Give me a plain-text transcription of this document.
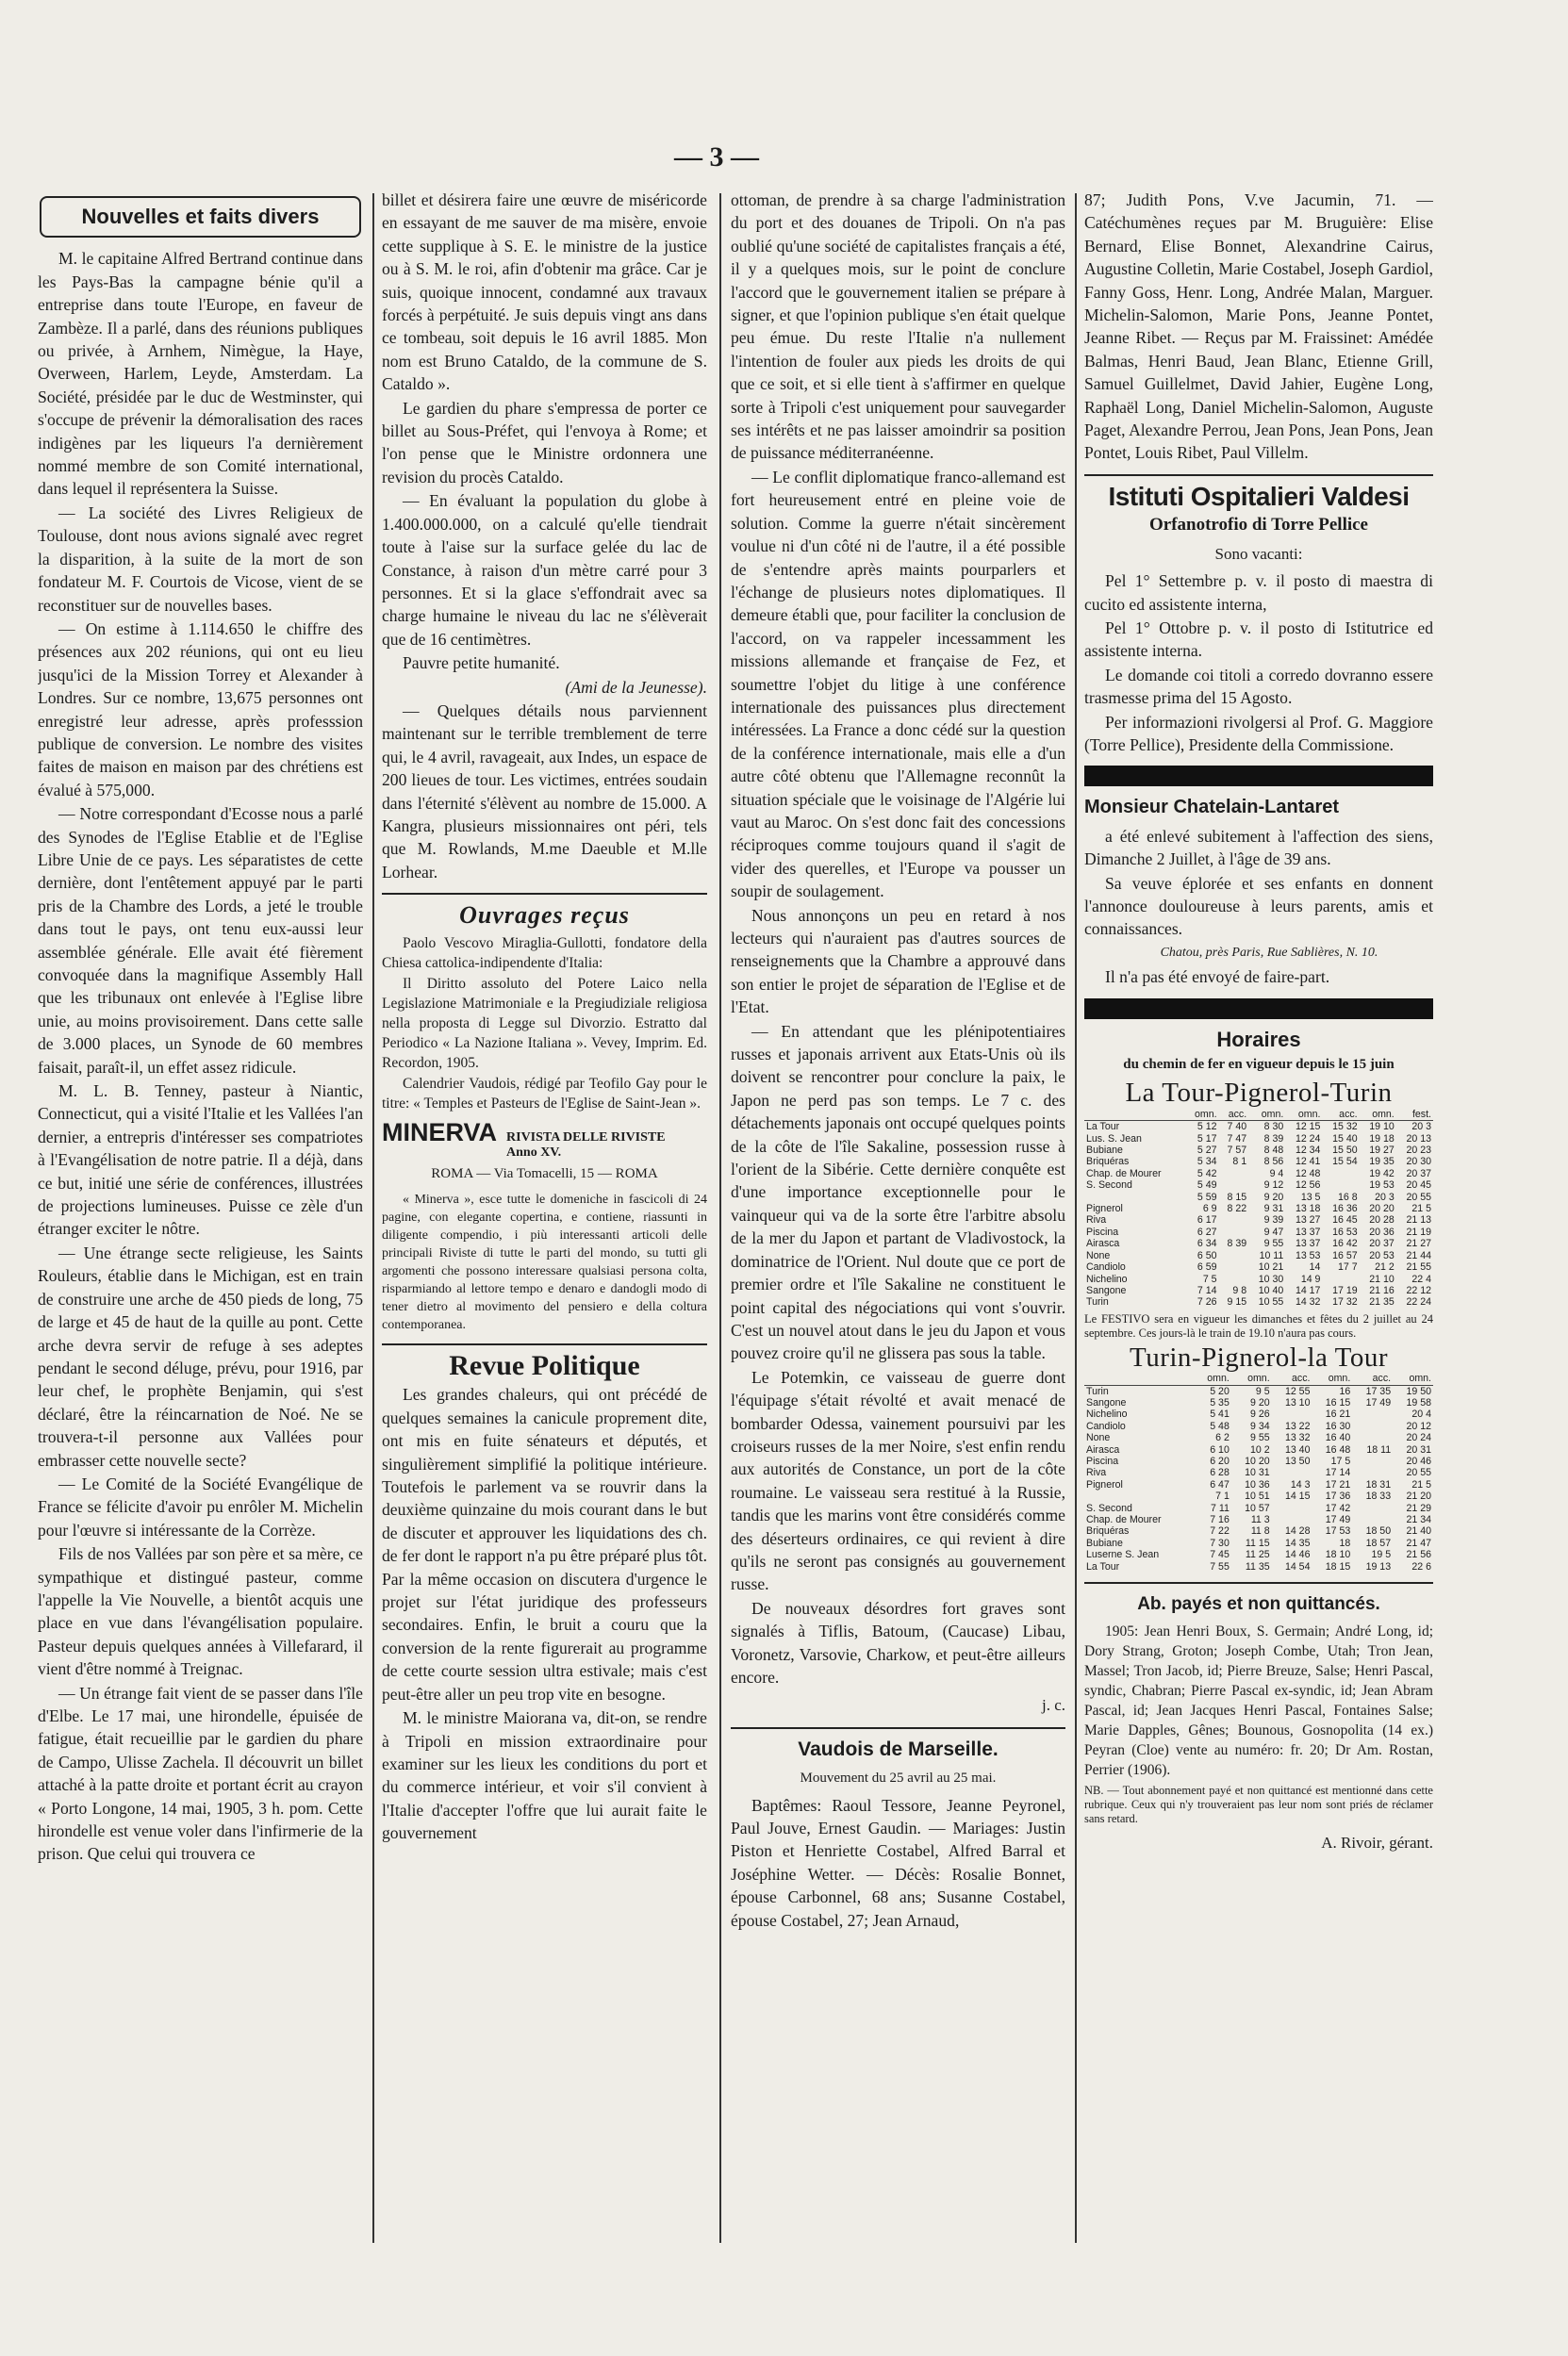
— 3 —
Nouvelles et faits divers

M. le capitaine Alfred Bertrand continue dans les Pays-Bas la campagne bénie qu'il a entreprise dans toute l'Europe, en faveur de Zambèze. Il a parlé, dans des réunions publiques ou privée, à Arnhem, Nimègue, la Haye, Overween, Harlem, Leyde, Amsterdam. La Société, présidée par le duc de Westminster, qui s'occupe de prévenir la démoralisation des races indigènes par les liqueurs l'a dernièrement nommé membre de son Comité international, dans lequel il représentera la Suisse.

— La société des Livres Religieux de Toulouse, dont nous avions signalé avec regret la disparition, à la suite de la mort de son fondateur M. F. Courtois de Vicose, vient de se reconstituer sur de nouvelles bases.

— On estime à 1.114.650 le chiffre des présences aux 202 réunions, qui ont eu lieu jusqu'ici de la Mission Torrey et Alexander à Londres. Sur ce nombre, 13,675 personnes ont enregistré leur adresse, après professsion publique de conversion. Le nombre des visites faites de maison en maison par des chrétiens est évalué à 575,000.

— Notre correspondant d'Ecosse nous a parlé des Synodes de l'Eglise Etablie et de l'Eglise Libre Unie de ce pays. Les séparatistes de cette dernière, dont l'entêtement appuyé par le parti pris de la Chambre des Lords, a jeté le trouble dans tout le pays, ont tenu eux-aussi leur assemblée générale. Elle avait été fièrement convoquée dans la magnifique Assembly Hall que les tribunaux ont enlevée à l'Eglise libre unie, au moins provisoirement. Dans cette salle de 3.000 places, un Synode de 60 membres faisait, paraît-il, un effet assez ridicule.

M. L. B. Tenney, pasteur à Niantic, Connecticut, qui a visité l'Italie et les Vallées l'an dernier, a entrepris d'intéresser ses compatriotes à l'Evangélisation de notre patrie. Il a déjà, dans ce but, initié une série de conférences, illustrées de projections lumineuses. Puisse ce zèle d'un étranger exciter le nôtre.

— Une étrange secte religieuse, les Saints Rouleurs, établie dans le Michigan, est en train de construire une arche de 450 pieds de long, 75 de large et 45 de haut de la quille au pont. Cette arche devra servir de refuge à ses adeptes pendant le second déluge, prévu, pour 1916, par leur chef, le prophète Benjamin, qui s'est déclaré, être la réincarnation de Noé. Ne se trouvera-t-il personne aux Vallées pour embrasser cette nouvelle secte?

— Le Comité de la Société Evangélique de France se félicite d'avoir pu enrôler M. Michelin pour l'œuvre si intéressante de la Corrèze.

Fils de nos Vallées par son père et sa mère, ce sympathique et distingué pasteur, comme l'appelle la Vie Nouvelle, a bientôt acquis une place en vue dans l'évangélisation populaire. Pasteur depuis quelques années à Villefarard, il vient d'être nommé à Treignac.

— Un étrange fait vient de se passer dans l'île d'Elbe. Le 17 mai, une hirondelle, épuisée de fatigue, était recueillie par le gardien du phare de Campo, Ulisse Zachela. Il découvrit un billet attaché à la patte droite et portant écrit au crayon « Porto Longone, 14 mai, 1905, 3 h. pom. Cette hirondelle est venue voler dans l'infirmerie de la prison. Que celui qui trouvera ce

billet et désirera faire une œuvre de miséricorde en essayant de me sauver de ma misère, envoie cette supplique à S. E. le ministre de la justice ou à S. M. le roi, afin d'obtenir ma grâce. Car je suis, quoique innocent, condamné aux travaux forcés à perpétuité. Je suis depuis vingt ans dans ce tombeau, soit depuis le 16 avril 1885. Mon nom est Bruno Cataldo, de la commune de S. Cataldo ».

Le gardien du phare s'empressa de porter ce billet au Sous-Préfet, qui l'envoya à Rome; et l'on pense que le Ministre ordonnera une revision du procès Cataldo.

— En évaluant la population du globe à 1.400.000.000, on a calculé qu'elle tiendrait toute à l'aise sur la surface gelée du lac de Constance, à raison d'un mètre carré pour 3 personnes. Et si la glace s'effondrait avec sa charge humaine le niveau du lac ne s'élèverait que de 16 centimètres.

Pauvre petite humanité.

(Ami de la Jeunesse).

— Quelques détails nous parviennent maintenant sur le terrible tremblement de terre qui, le 4 avril, ravageait, aux Indes, un espace de 200 lieues de tour. Les victimes, entrées soudain dans l'éternité s'élèvent au nombre de 15.000. A Kangra, plusieurs missionnaires ont péri, tels que M. Rowlands, M.me Daeuble et M.lle Lorhear.

Ouvrages reçus

Paolo Vescovo Miraglia-Gullotti, fondatore della Chiesa cattolica-indipendente d'Italia:

Il Diritto assoluto del Potere Laico nella Legislazione Matrimoniale e la Pregiudiziale religiosa nella proposta di Legge sul Divorzio. Estratto dal Periodico « La Nazione Italiana ». Vevey, Imprim. Ed. Recordon, 1905.

Calendrier Vaudois, rédigé par Teofilo Gay pour le titre: « Temples et Pasteurs de l'Eglise de Saint-Jean ».

MINERVA RIVISTA DELLE RIVISTE
Anno XV.
ROMA — Via Tomacelli, 15 — ROMA

« Minerva », esce tutte le domeniche in fascicoli di 24 pagine, con elegante copertina, e contiene, riassunti in diligente compendio, i più interessanti articoli delle principali Riviste di tutte le parti del mondo, su tutti gli argomenti che possono interessare qualsiasi persona colta, risparmiando al lettore tempo e denaro e dandogli modo di tener dietro al movimento del pensiero e della coltura contemporanea.

Revue Politique

Les grandes chaleurs, qui ont précédé de quelques semaines la canicule proprement dite, ont mis en fuite sénateurs et députés, et singulièrement simplifié la politique intérieure. Toutefois le parlement va se rouvrir dans la deuxième quinzaine du mois courant dans le but de discuter et approuver les liquidations des ch. de fer dont le rapport n'a pu être préparé plus tôt. Par la même occasion on discutera d'urgence le projet sur l'état juridique des professeurs secondaires. Enfin, le bruit a couru que la conversion de la rente figurerait au programme de cette courte session ultra estivale; mais c'est peut-être aller un peu trop vite en besogne.

M. le ministre Maiorana va, dit-on, se rendre à Tripoli en mission extraordinaire pour examiner sur les lieux les conditions du port et du commerce intérieur, et voir s'il convient à l'Italie d'accepter l'offre que lui aurait faite le gouvernement

ottoman, de prendre à sa charge l'administration du port et des douanes de Tripoli. On n'a pas oublié qu'une société de capitalistes français a été, il y a quelques mois, sur le point de conclure l'accord que le gouvernement italien se prépare à signer, et que l'opinion publique s'en était quelque peu émue. Du reste l'Italie n'a nullement l'intention de fouler aux pieds les droits de qui que ce soit, et si elle tient à s'affirmer en quelque sorte à Tripoli c'est uniquement pour sauvegarder ses intérêts et ne pas laisser amoindrir sa position de puissance méditerranéenne.

— Le conflit diplomatique franco-allemand est fort heureusement entré en pleine voie de solution. Comme la guerre n'était sincèrement voulue ni d'un côté ni de l'autre, il a été possible de s'entendre après maints pourparlers et l'échange de plusieurs notes diplomatiques. Il demeure établi que, pour faciliter la conclusion de l'accord, on va rappeler incessamment les missions allemande et française de Fez, et soumettre l'objet du litige à une conférence internationale des puissances plus directement intéressées. La France a donc cédé sur la question de la conférence internationale, mais elle a d'un autre côté obtenu que l'Allemagne reconnût la situation spéciale que le voisinage de l'Algérie lui vaut au Maroc. On s'est donc fait des concessions réciproques comme toujours quand il s'agit de vider des querelles, et l'Europe va pousser un soupir de soulagement.

Nous annonçons un peu en retard à nos lecteurs qui n'auraient pas d'autres sources de renseignements que la Chambre a approuvé dans son entier le projet de séparation de l'Eglise et de l'Etat.

— En attendant que les plénipotentiaires russes et japonais arrivent aux Etats-Unis où ils doivent se rencontrer pour conclure la paix, le Japon ne perd pas son temps. Le 7 c. des détachements japonais ont occupé quelques points de la côte de l'île Sakaline, possession russe à l'orient de la Sibérie. Cette dernière conquête est d'une importance exceptionnelle pour le vainqueur qui va de la sorte être l'arbitre absolu de la mer du Japon et partant de Vladivostock, la dominatrice de l'Orient. Nul doute que ce port de premier ordre et l'île Sakaline ne constituent le point capital des négociations qui vont s'ouvrir. C'est un nouvel atout dans le jeu du Japon et vous pouvez croire qu'il ne glissera pas sous la table.

Le Potemkin, ce vaisseau de guerre dont l'équipage s'était révolté et avait menacé de bombarder Odessa, vainement poursuivi par les croiseurs russes de la mer Noire, s'est enfin rendu aux autorités de Constance, un port de la côte roumaine. Le vaisseau sera restitué à la Russie, tandis que les marins vont être considérés comme des déserteurs ordinaires, ce qui revient à dire qu'ils ne seront pas consignés au gouvernement russe.

De nouveaux désordres fort graves sont signalés à Tiflis, Batoum, (Caucase) Libau, Voronetz, Varsovie, Charkow, et peut-être ailleurs encore.

j. c.
Vaudois de Marseille.
Mouvement du 25 avril au 25 mai.

Baptêmes: Raoul Tessore, Jeanne Peyronel, Paul Jouve, Ernest Gaudin. — Mariages: Justin Piston et Henriette Costabel, Alfred Barral et Joséphine Wetter. — Décès: Rosalie Bonnet, épouse Carbonnel, 68 ans; Susanne Costabel, épouse Costabel, 27; Jean Arnaud,

87; Judith Pons, V.ve Jacumin, 71. — Catéchumènes reçues par M. Bruguière: Elise Bernard, Elise Bonnet, Alexandrine Cairus, Augustine Colletin, Marie Costabel, Joseph Gardiol, Fanny Goss, Henr. Long, Andrée Malan, Marguer. Michelin-Salomon, Marie Pons, Jeanne Pontet, Jeanne Ribet. — Reçus par M. Fraissinet: Amédée Balmas, Henri Baud, Jean Blanc, Etienne Grill, Samuel Guillelmet, David Jahier, Eugène Long, Raphaël Long, Daniel Michelin-Salomon, Auguste Paget, Alexandre Perrou, Jean Pons, Jean Pons, Jean Pontet, Louis Ribet, Paul Villelm.

Istituti Ospitalieri Valdesi
Orfanotrofio di Torre Pellice
Sono vacanti:

Pel 1° Settembre p. v. il posto di maestra di cucito ed assistente interna,

Pel 1° Ottobre p. v. il posto di Istitutrice ed assistente interna.

Le domande coi titoli a corredo dovranno essere trasmesse prima del 15 Agosto.

Per informazioni rivolgersi al Prof. G. Maggiore (Torre Pellice), Presidente della Commissione.

Monsieur Chatelain-Lantaret

a été enlevé subitement à l'affection des siens, Dimanche 2 Juillet, à l'âge de 39 ans.

Sa veuve éplorée et ses enfants en donnent l'annonce douloureuse à leurs parents, amis et connaissances.

Chatou, près Paris, Rue Sablières, N. 10.

Il n'a pas été envoyé de faire-part.

Horaires
du chemin de fer en vigueur depuis le 15 juin
La Tour-Pignerol-Turin
	omn.	acc.	omn.	omn.	acc.	omn.	fest.
La Tour	5 12	7 40	8 30	12 15	15 32	19 10	20 3
Lus. S. Jean	5 17	7 47	8 39	12 24	15 40	19 18	20 13
Bubiane	5 27	7 57	8 48	12 34	15 50	19 27	20 23
Briquéras	5 34	8 1	8 56	12 41	15 54	19 35	20 30
Chap. de Mourer	5 42		9 4	12 48		19 42	20 37
S. Second	5 49		9 12	12 56		19 53	20 45
	5 59	8 15	9 20	13 5	16 8	20 3	20 55
Pignerol	6 9	8 22	9 31	13 18	16 36	20 20	21 5
Riva	6 17		9 39	13 27	16 45	20 28	21 13
Piscina	6 27		9 47	13 37	16 53	20 36	21 19
Airasca	6 34	8 39	9 55	13 37	16 42	20 37	21 27
None	6 50		10 11	13 53	16 57	20 53	21 44
Candiolo	6 59		10 21	14	17 7	21 2	21 55
Nichelino	7 5		10 30	14 9		21 10	22 4
Sangone	7 14	9 8	10 40	14 17	17 19	21 16	22 12
Turin	7 26	9 15	10 55	14 32	17 32	21 35	22 24
Le FESTIVO sera en vigueur les dimanches et fêtes du 2 juillet au 24 septembre. Ces jours-là le train de 19.10 n'aura pas cours.
Turin-Pignerol-la Tour
	omn.	omn.	acc.	omn.	acc.	omn.
Turin	5 20	9 5	12 55	16	17 35	19 50
Sangone	5 35	9 20	13 10	16 15	17 49	19 58
Nichelino	5 41	9 26		16 21		20 4
Candiolo	5 48	9 34	13 22	16 30		20 12
None	6 2	9 55	13 32	16 40		20 24
Airasca	6 10	10 2	13 40	16 48	18 11	20 31
Piscina	6 20	10 20	13 50	17 5		20 46
Riva	6 28	10 31		17 14		20 55
Pignerol	6 47	10 36	14 3	17 21	18 31	21 5
	7 1	10 51	14 15	17 36	18 33	21 20
S. Second	7 11	10 57		17 42		21 29
Chap. de Mourer	7 16	11 3		17 49		21 34
Briquéras	7 22	11 8	14 28	17 53	18 50	21 40
Bubiane	7 30	11 15	14 35	18	18 57	21 47
Luserne S. Jean	7 45	11 25	14 46	18 10	19 5	21 56
La Tour	7 55	11 35	14 54	18 15	19 13	22 6
Ab. payés et non quittancés.

1905: Jean Henri Boux, S. Germain; André Long, id; Dory Strang, Groton; Joseph Combe, Utah; Tron Jean, Massel; Tron Jacob, id; Pierre Breuze, Salse; Henri Pascal, syndic, Chabran; Pierre Pascal ex-syndic, id; Jean Abram Pascal, id; Jean Jacques Henri Pascal, Fontaines Salse; Marie Dapples, Gênes; Bounous, Gosnopolita (14 ex.) Peyran (Cloe) vente au numéro: fr. 20; Dr Am. Rostan, Perrier (1906).

NB. — Tout abonnement payé et non quittancé est mentionné dans cette rubrique. Ceux qui n'y trouveraient pas leur nom sont priés de réclamer sans retard.
A. Rivoir, gérant.
